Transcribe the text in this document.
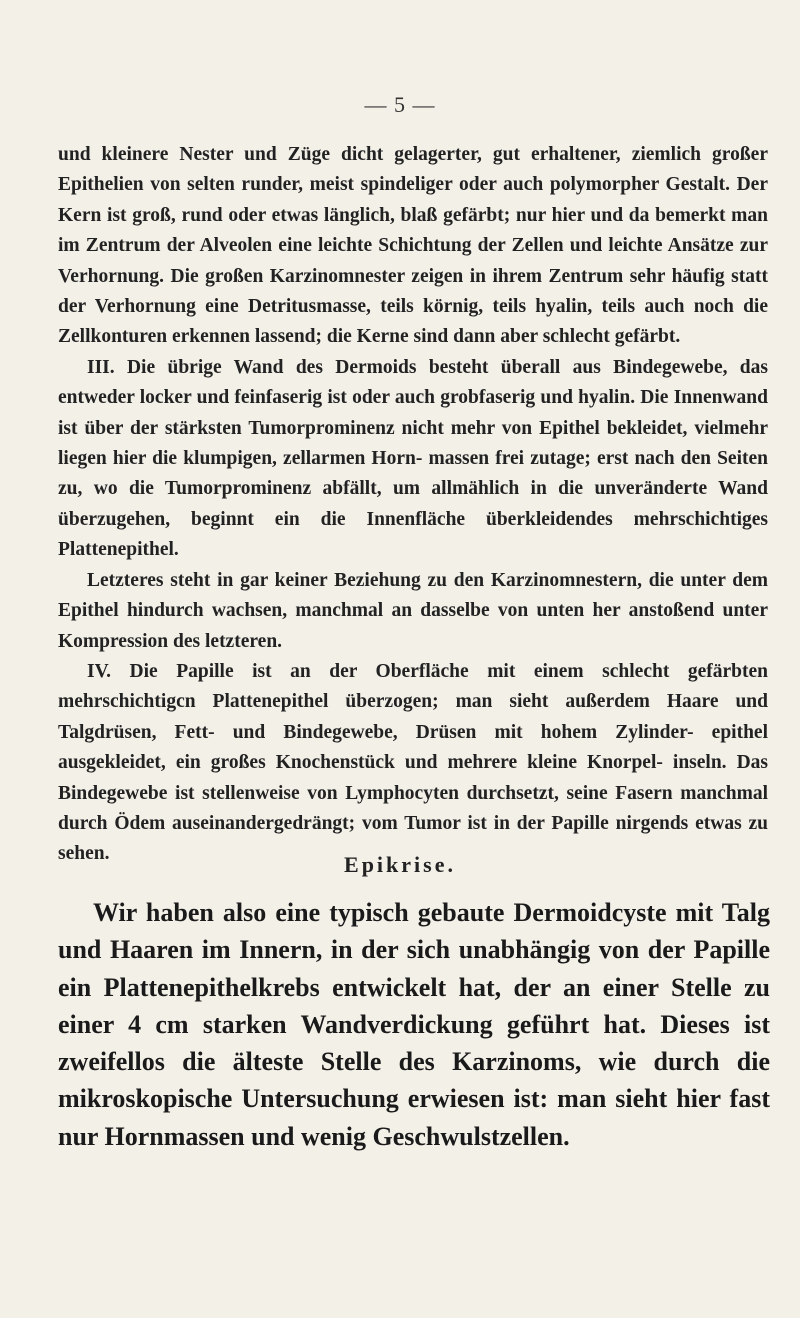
— 5 —

und kleinere Nester und Züge dicht gelagerter, gut erhaltener, ziemlich großer Epithelien von selten runder, meist spindeliger oder auch polymorpher Gestalt. Der Kern ist groß, rund oder etwas länglich, blaß gefärbt; nur hier und da bemerkt man im Zentrum der Alveolen eine leichte Schichtung der Zellen und leichte Ansätze zur Verhornung. Die großen Karzinomnester zeigen in ihrem Zentrum sehr häufig statt der Verhornung eine Detritusmasse, teils körnig, teils hyalin, teils auch noch die Zellkonturen erkennen lassend; die Kerne sind dann aber schlecht gefärbt.

III. Die übrige Wand des Dermoids besteht überall aus Bindegewebe, das entweder locker und feinfaserig ist oder auch grobfaserig und hyalin. Die Innenwand ist über der stärksten Tumorprominenz nicht mehr von Epithel bekleidet, vielmehr liegen hier die klumpigen, zellarmen Horn- massen frei zutage; erst nach den Seiten zu, wo die Tumorprominenz abfällt, um allmählich in die unveränderte Wand überzugehen, beginnt ein die Innenfläche überkleidendes mehrschichtiges Plattenepithel.

Letzteres steht in gar keiner Beziehung zu den Karzinomnestern, die unter dem Epithel hindurch wachsen, manchmal an dasselbe von unten her anstoßend unter Kompression des letzteren.

IV. Die Papille ist an der Oberfläche mit einem schlecht gefärbten mehrschichtigcn Plattenepithel überzogen; man sieht außerdem Haare und Talgdrüsen, Fett- und Bindegewebe, Drüsen mit hohem Zylinder- epithel ausgekleidet, ein großes Knochenstück und mehrere kleine Knorpel- inseln. Das Bindegewebe ist stellenweise von Lymphocyten durchsetzt, seine Fasern manchmal durch Ödem auseinandergedrängt; vom Tumor ist in der Papille nirgends etwas zu sehen.	Epikrise.

Wir haben also eine typisch gebaute Dermoidcyste mit Talg und Haaren im Innern, in der sich unabhängig von der Papille ein Plattenepithelkrebs entwickelt hat, der an einer Stelle zu einer 4 cm starken Wandverdickung geführt hat. Dieses ist zweifellos die älteste Stelle des Karzinoms, wie durch die mikroskopische Untersuchung erwiesen ist: man sieht hier fast nur Hornmassen und wenig Geschwulstzellen.
